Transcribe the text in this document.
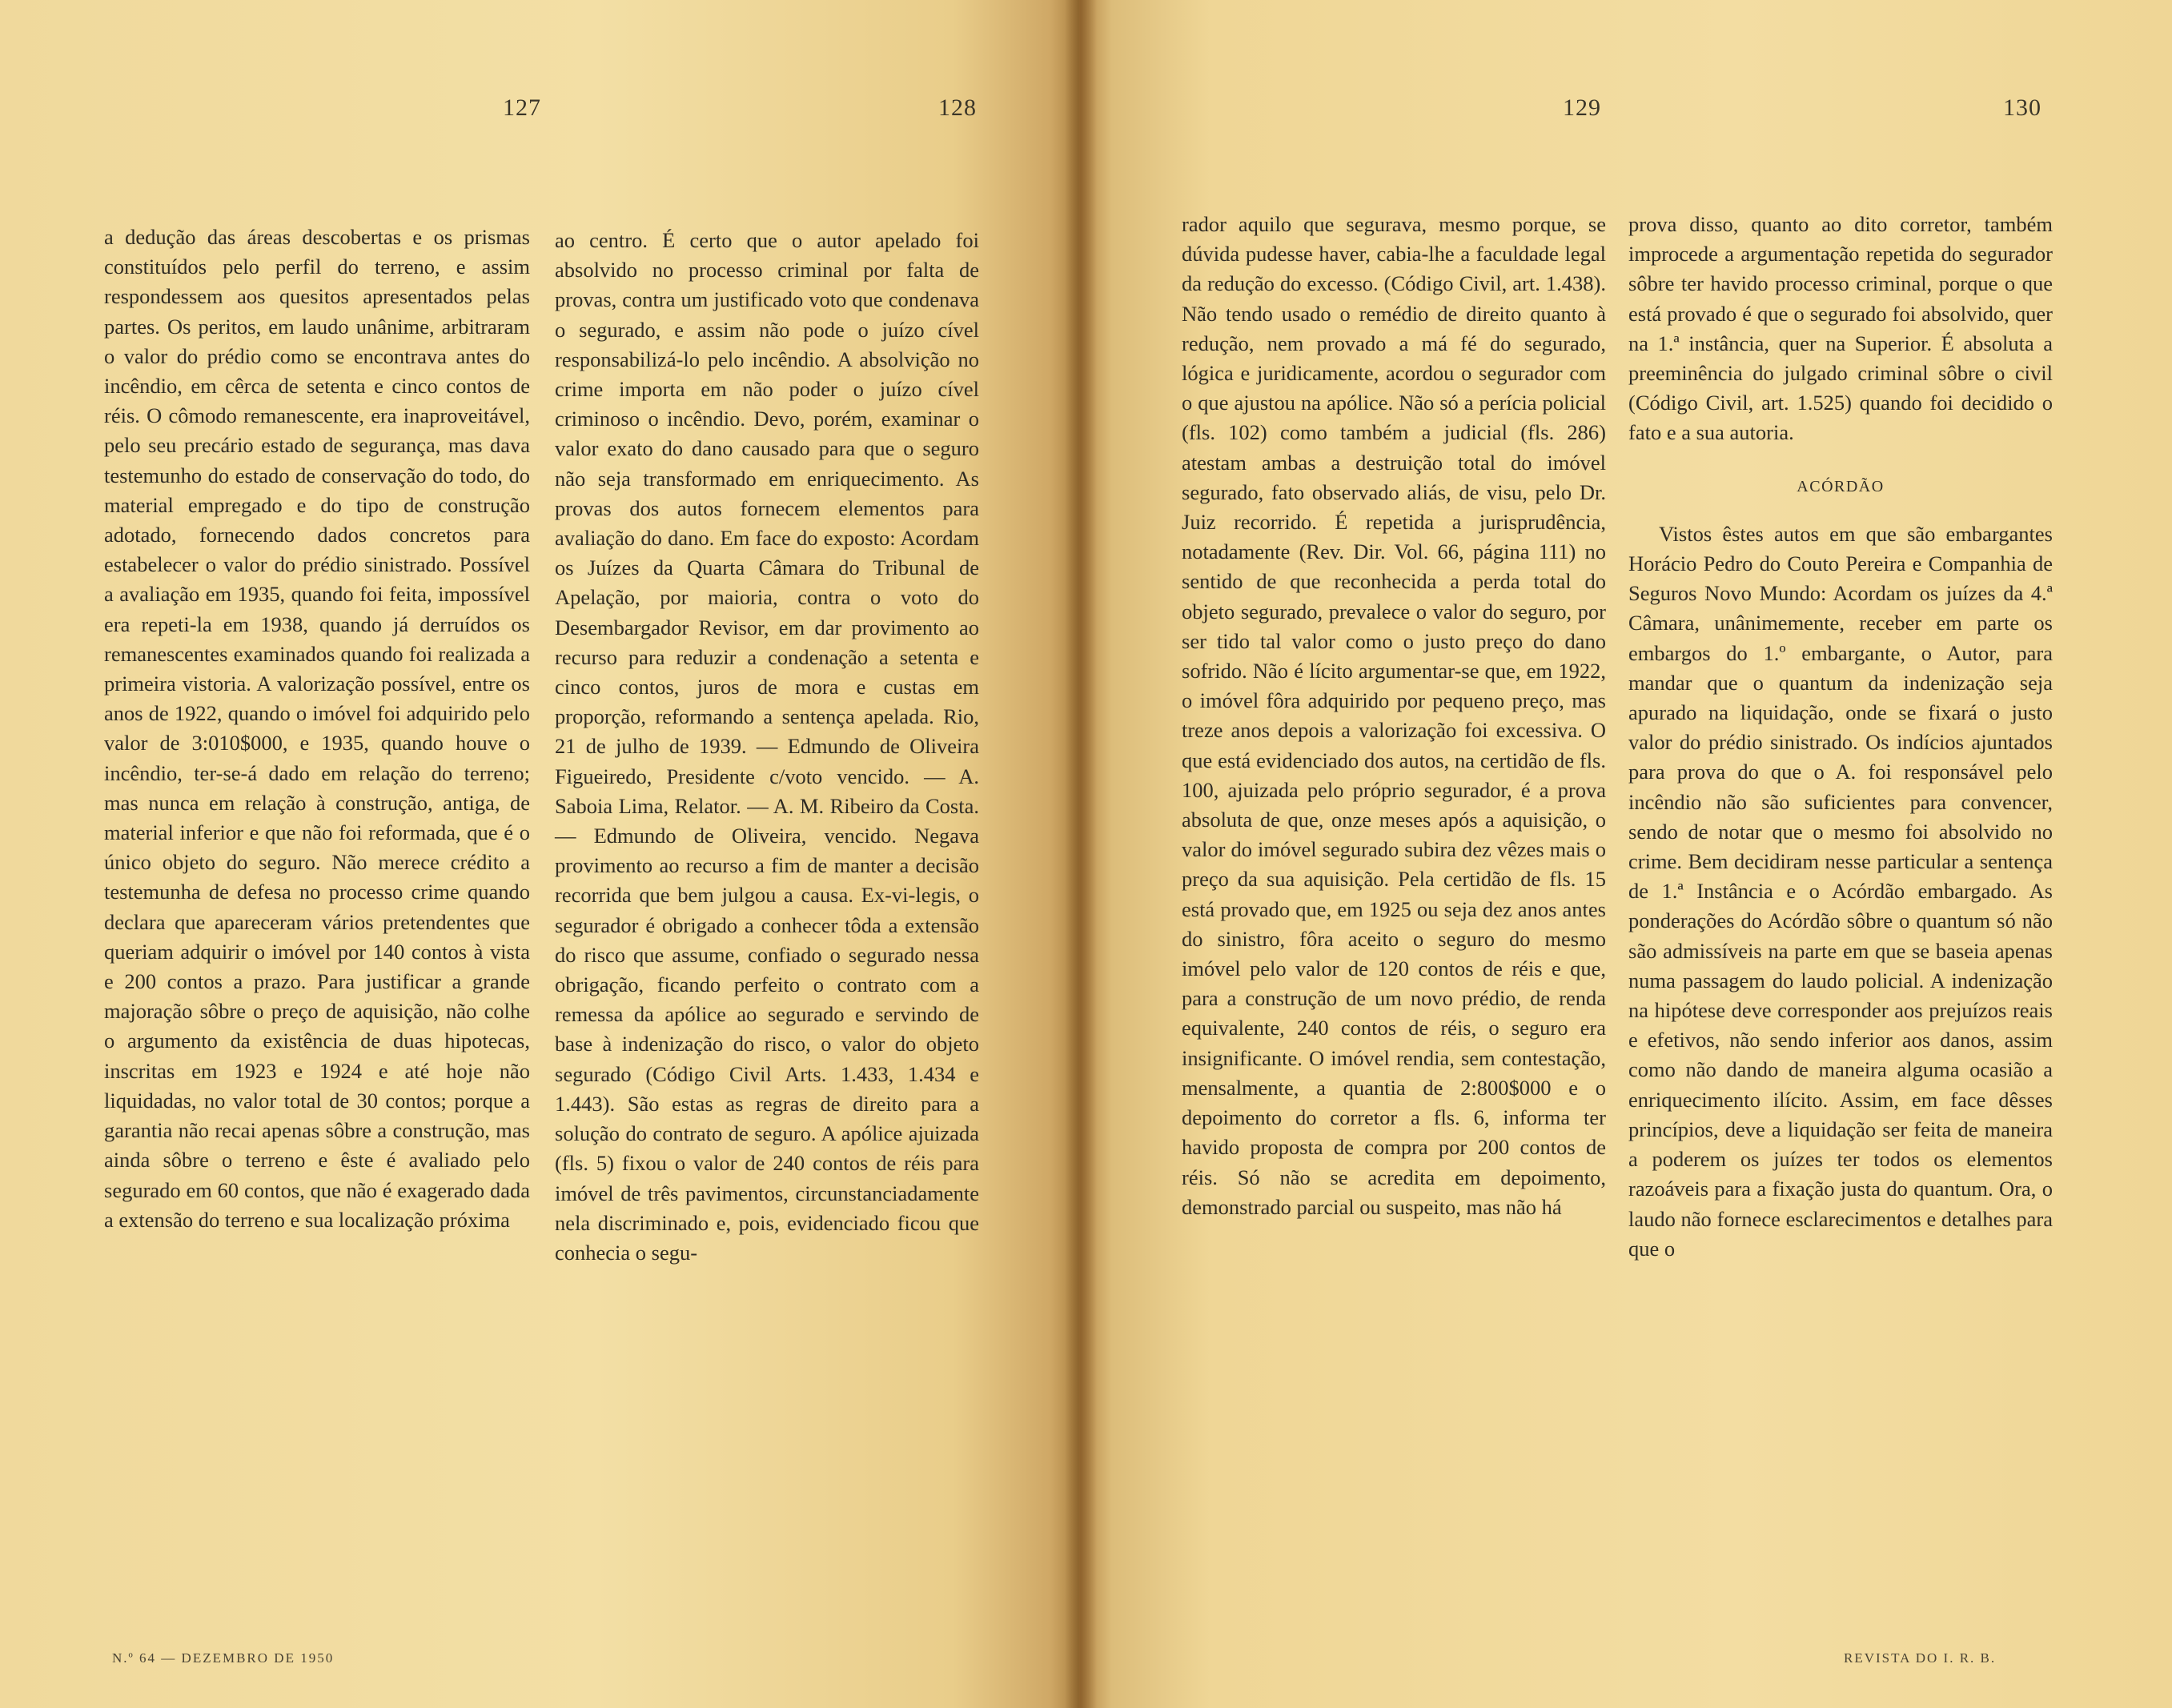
127	128

a dedução das áreas descobertas e os prismas constituídos pelo perfil do terreno, e assim respondessem aos quesitos apresentados pelas partes. Os peritos, em laudo unânime, arbitraram o valor do prédio como se encontrava antes do incêndio, em cêrca de setenta e cinco contos de réis. O cômodo remanescente, era inaproveitável, pelo seu precário estado de segurança, mas dava testemunho do estado de conservação do todo, do material empregado e do tipo de construção adotado, fornecendo dados concretos para estabelecer o valor do prédio sinistrado. Possível a avaliação em 1935, quando foi feita, impossível era repeti-la em 1938, quando já derruídos os remanescentes examinados quando foi realizada a primeira vistoria. A valorização possível, entre os anos de 1922, quando o imóvel foi adquirido pelo valor de 3:010$000, e 1935, quando houve o incêndio, ter-se-á dado em relação do terreno; mas nunca em relação à construção, antiga, de material inferior e que não foi reformada, que é o único objeto do seguro. Não merece crédito a testemunha de defesa no processo crime quando declara que apareceram vários pretendentes que queriam adquirir o imóvel por 140 contos à vista e 200 contos a prazo. Para justificar a grande majoração sôbre o preço de aquisição, não colhe o argumento da existência de duas hipotecas, inscritas em 1923 e 1924 e até hoje não liquidadas, no valor total de 30 contos; porque a garantia não recai apenas sôbre a construção, mas ainda sôbre o terreno e êste é avaliado pelo segurado em 60 contos, que não é exagerado dada a extensão do terreno e sua localização próxima

ao centro. É certo que o autor apelado foi absolvido no processo criminal por falta de provas, contra um justificado voto que condenava o segurado, e assim não pode o juízo cível responsabilizá-lo pelo incêndio. A absolvição no crime importa em não poder o juízo cível criminoso o incêndio. Devo, porém, examinar o valor exato do dano causado para que o seguro não seja transformado em enriquecimento. As provas dos autos fornecem elementos para avaliação do dano. Em face do exposto: Acordam os Juízes da Quarta Câmara do Tribunal de Apelação, por maioria, contra o voto do Desembargador Revisor, em dar provimento ao recurso para reduzir a condenação a setenta e cinco contos, juros de mora e custas em proporção, reformando a sentença apelada. Rio, 21 de julho de 1939. — Edmundo de Oliveira Figueiredo, Presidente c/voto vencido. — A. Saboia Lima, Relator. — A. M. Ribeiro da Costa. — Edmundo de Oliveira, vencido. Negava provimento ao recurso a fim de manter a decisão recorrida que bem julgou a causa. Ex-vi-legis, o segurador é obrigado a conhecer tôda a extensão do risco que assume, confiado o segurado nessa obrigação, ficando perfeito o contrato com a remessa da apólice ao segurado e servindo de base à indenização do risco, o valor do objeto segurado (Código Civil Arts. 1.433, 1.434 e 1.443). São estas as regras de direito para a solução do contrato de seguro. A apólice ajuizada (fls. 5) fixou o valor de 240 contos de réis para imóvel de três pavimentos, circunstanciadamente nela discriminado e, pois, evidenciado ficou que conhecia o segu-

N.º 64 — DEZEMBRO DE 1950
129	130

rador aquilo que segurava, mesmo porque, se dúvida pudesse haver, cabia-lhe a faculdade legal da redução do excesso. (Código Civil, art. 1.438). Não tendo usado o remédio de direito quanto à redução, nem provado a má fé do segurado, lógica e juridicamente, acordou o segurador com o que ajustou na apólice. Não só a perícia policial (fls. 102) como também a judicial (fls. 286) atestam ambas a destruição total do imóvel segurado, fato observado aliás, de visu, pelo Dr. Juiz recorrido. É repetida a jurisprudência, notadamente (Rev. Dir. Vol. 66, página 111) no sentido de que reconhecida a perda total do objeto segurado, prevalece o valor do seguro, por ser tido tal valor como o justo preço do dano sofrido. Não é lícito argumentar-se que, em 1922, o imóvel fôra adquirido por pequeno preço, mas treze anos depois a valorização foi excessiva. O que está evidenciado dos autos, na certidão de fls. 100, ajuizada pelo próprio segurador, é a prova absoluta de que, onze meses após a aquisição, o valor do imóvel segurado subira dez vêzes mais o preço da sua aquisição. Pela certidão de fls. 15 está provado que, em 1925 ou seja dez anos antes do sinistro, fôra aceito o seguro do mesmo imóvel pelo valor de 120 contos de réis e que, para a construção de um novo prédio, de renda equivalente, 240 contos de réis, o seguro era insignificante. O imóvel rendia, sem contestação, mensalmente, a quantia de 2:800$000 e o depoimento do corretor a fls. 6, informa ter havido proposta de compra por 200 contos de réis. Só não se acredita em depoimento, demonstrado parcial ou suspeito, mas não há

prova disso, quanto ao dito corretor, também improcede a argumentação repetida do segurador sôbre ter havido processo criminal, porque o que está provado é que o segurado foi absolvido, quer na 1.ª instância, quer na Superior. É absoluta a preeminência do julgado criminal sôbre o civil (Código Civil, art. 1.525) quando foi decidido o fato e a sua autoria.

ACÓRDÃO

Vistos êstes autos em que são embargantes Horácio Pedro do Couto Pereira e Companhia de Seguros Novo Mundo: Acordam os juízes da 4.ª Câmara, unânimemente, receber em parte os embargos do 1.º embargante, o Autor, para mandar que o quantum da indenização seja apurado na liquidação, onde se fixará o justo valor do prédio sinistrado. Os indícios ajuntados para prova do que o A. foi responsável pelo incêndio não são suficientes para convencer, sendo de notar que o mesmo foi absolvido no crime. Bem decidiram nesse particular a sentença de 1.ª Instância e o Acórdão embargado. As ponderações do Acórdão sôbre o quantum só não são admissíveis na parte em que se baseia apenas numa passagem do laudo policial. A indenização na hipótese deve corresponder aos prejuízos reais e efetivos, não sendo inferior aos danos, assim como não dando de maneira alguma ocasião a enriquecimento ilícito. Assim, em face dêsses princípios, deve a liquidação ser feita de maneira a poderem os juízes ter todos os elementos razoáveis para a fixação justa do quantum. Ora, o laudo não fornece esclarecimentos e detalhes para que o

REVISTA DO I. R. B.
